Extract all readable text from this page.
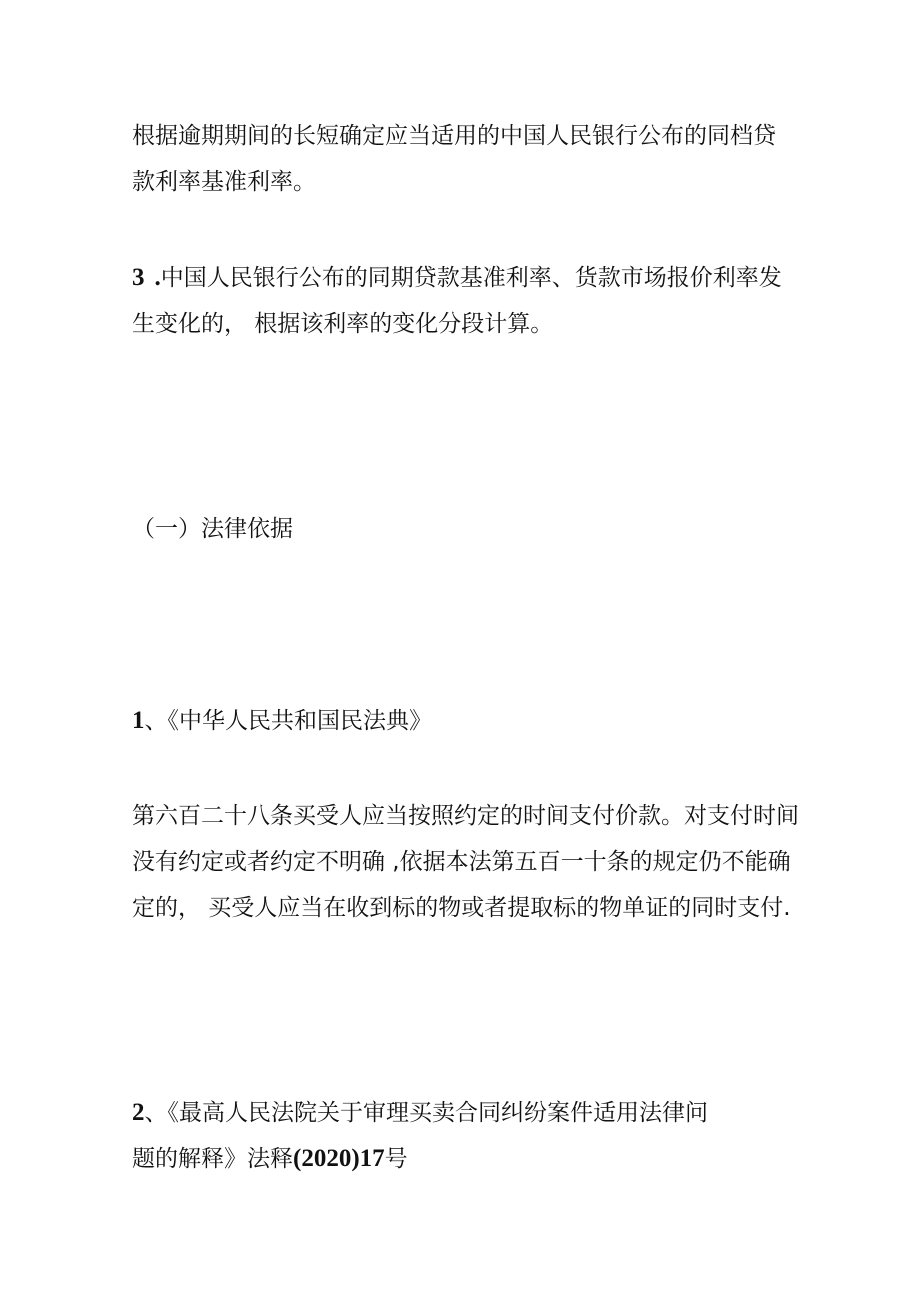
根据逾期期间的长短确定应当适用的中国人民银行公布的同档贷
款利率基准利率。
3 .中国人民银行公布的同期贷款基准利率、货款市场报价利率发
生变化的， 根据该利率的变化分段计算。
（一）法律依据
1、《中华人民共和国民法典》
第六百二十八条买受人应当按照约定的时间支付价款。对支付时间
没有约定或者约定不明确 ,依据本法第五百一十条的规定仍不能确
定的， 买受人应当在收到标的物或者提取标的物单证的同时支付.
2、《最高人民法院关于审理买卖合同纠纷案件适用法律问
题的解释》法释(2020)17号
